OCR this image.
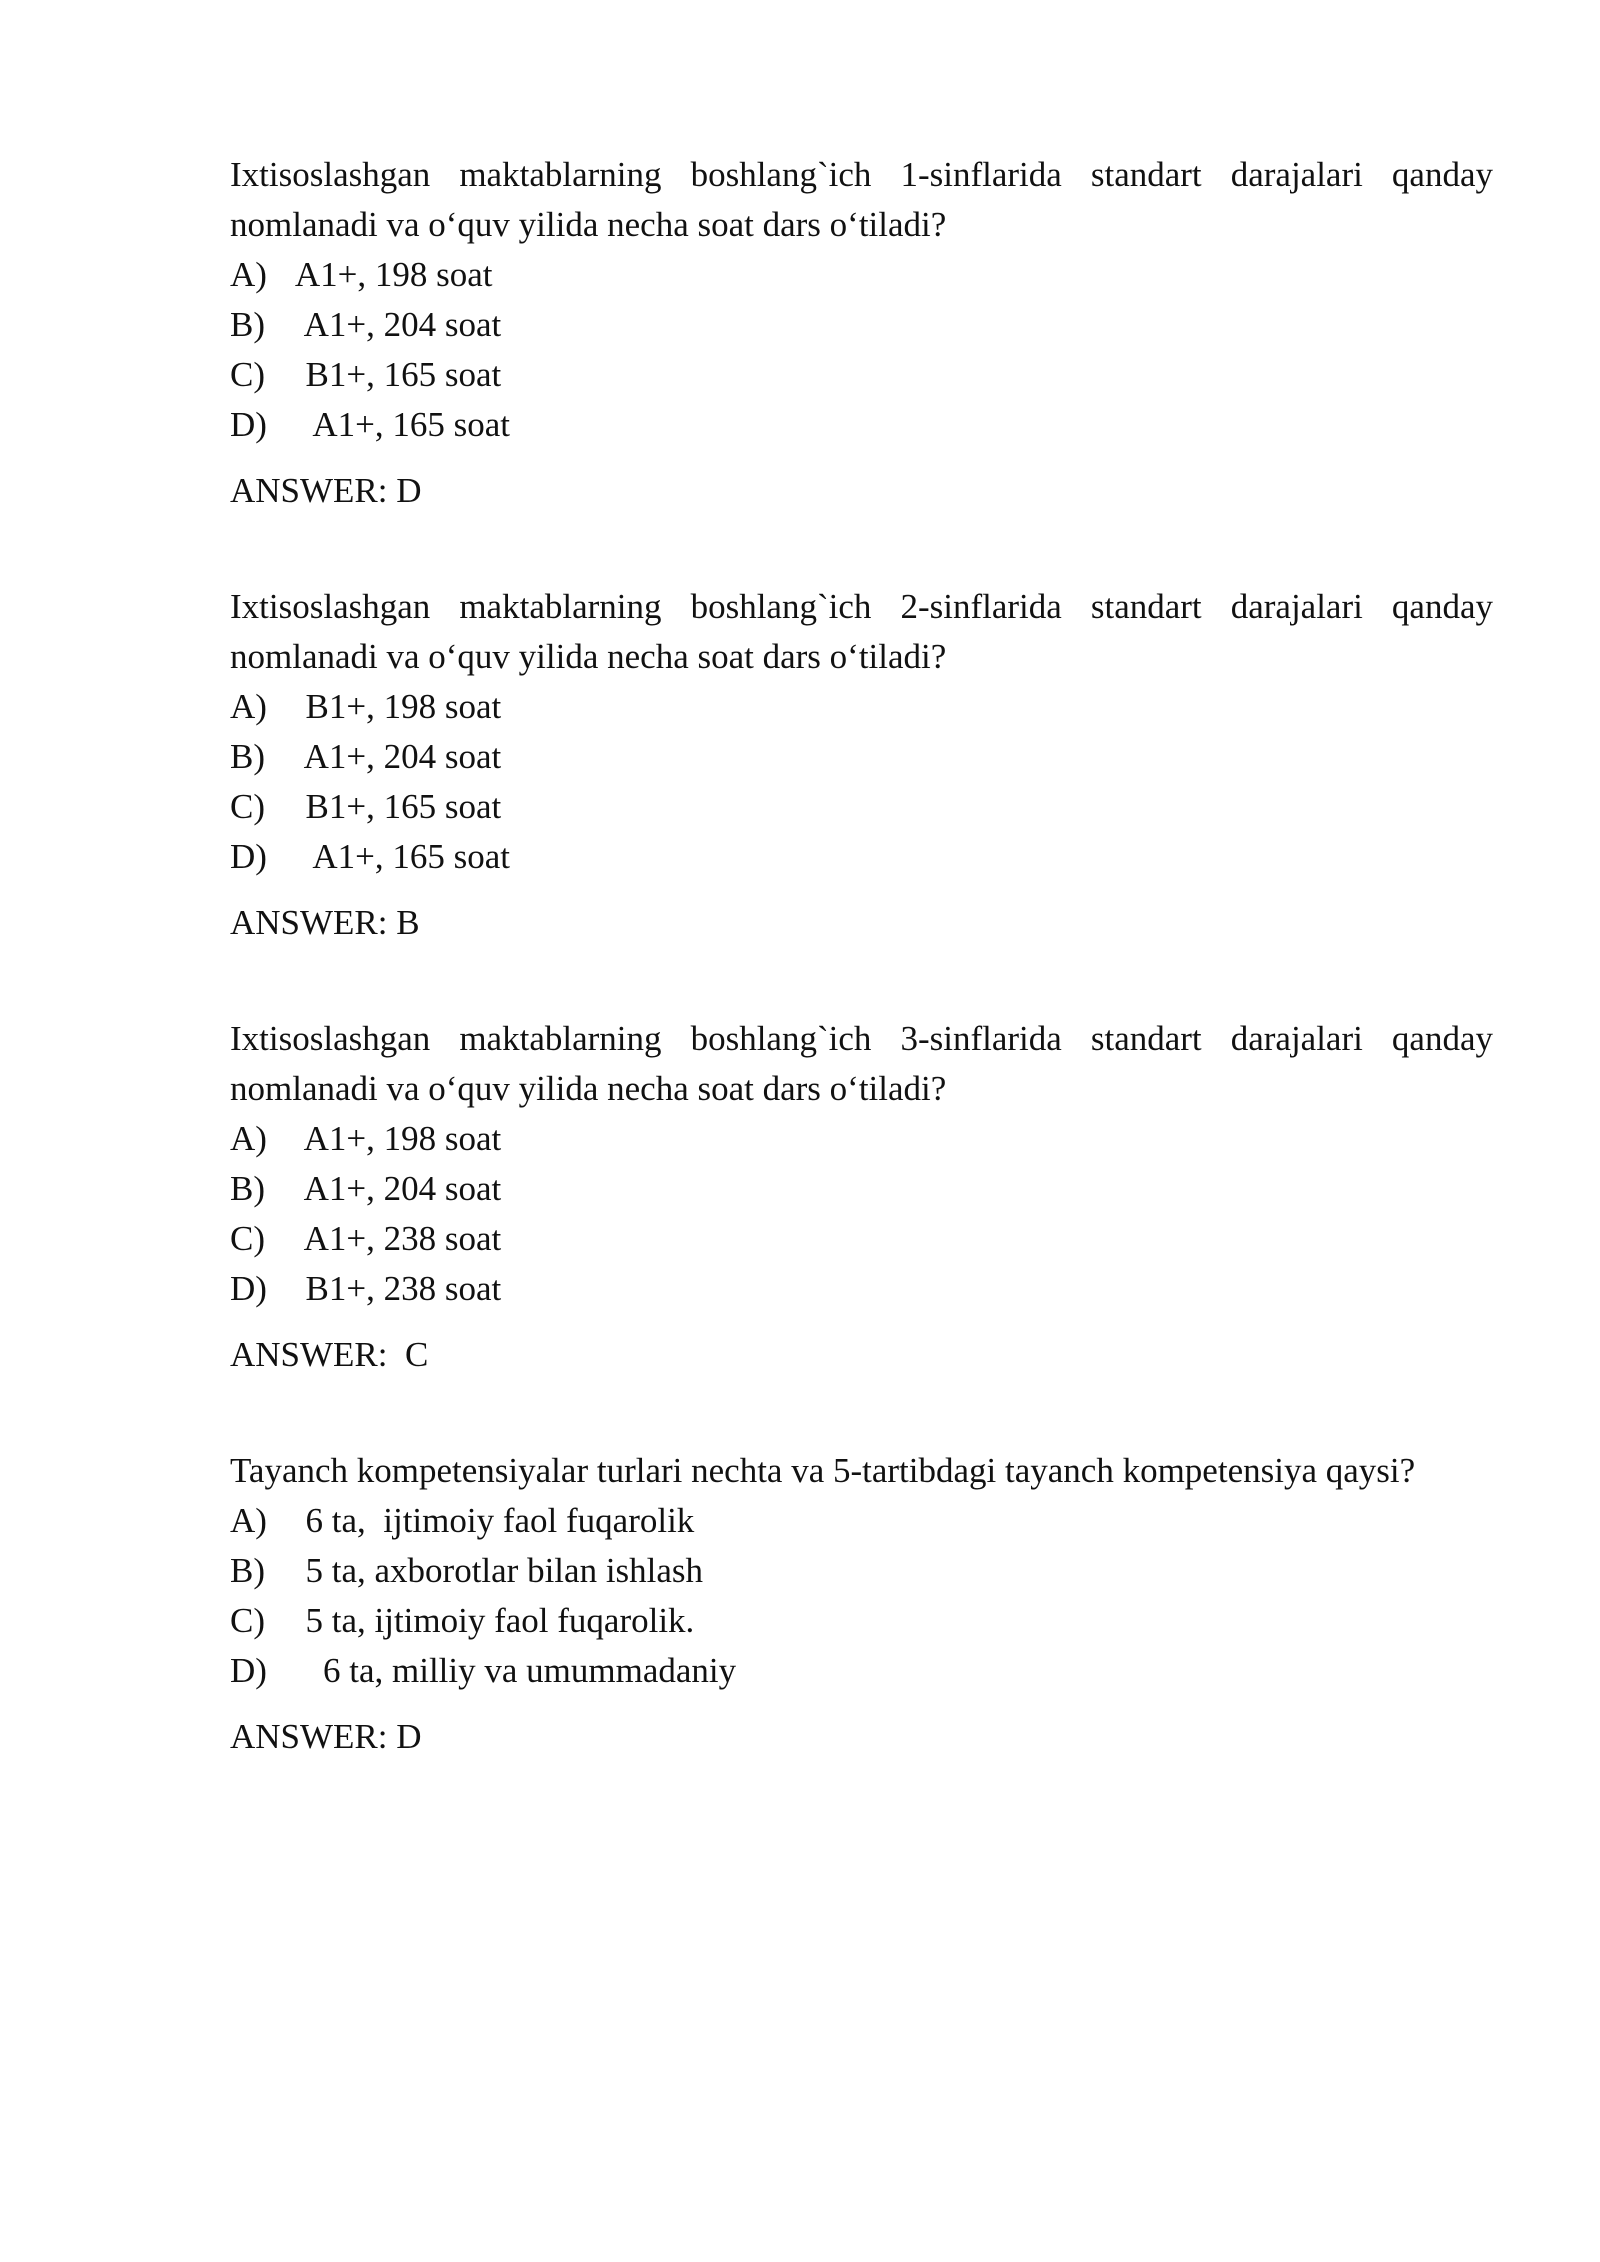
Ixtisoslashgan maktablarning boshlang`ich 1-sinflarida standart darajalari qanday nomlanadi va o‘quv yilida necha soat dars o‘tiladi?

A) A1+, 198 soat
B) A1+, 204 soat
C) B1+, 165 soat
D) A1+, 165 soat
ANSWER: D

Ixtisoslashgan maktablarning boshlang`ich 2-sinflarida standart darajalari qanday nomlanadi va o‘quv yilida necha soat dars o‘tiladi?

A) B1+, 198 soat
B) A1+, 204 soat
C) B1+, 165 soat
D) A1+, 165 soat
ANSWER: B

Ixtisoslashgan maktablarning boshlang`ich 3-sinflarida standart darajalari qanday nomlanadi va o‘quv yilida necha soat dars o‘tiladi?

A) A1+, 198 soat
B) A1+, 204 soat
C) A1+, 238 soat
D) B1+, 238 soat
ANSWER:  C

Tayanch kompetensiyalar turlari nechta va 5-tartibdagi tayanch kompetensiya qaysi?

A) 6 ta,  ijtimoiy faol fuqarolik
B) 5 ta, axborotlar bilan ishlash
C) 5 ta, ijtimoiy faol fuqarolik.
D) 6 ta, milliy va umummadaniy
ANSWER: D
